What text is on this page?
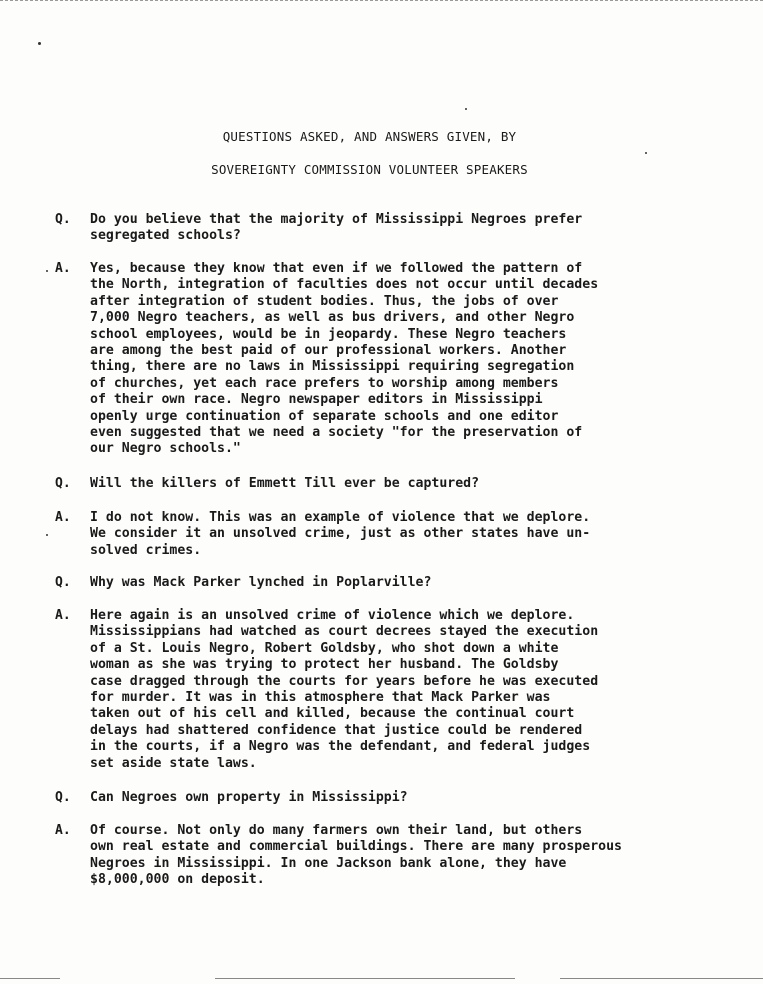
QUESTIONS ASKED, AND ANSWERS GIVEN, BY
SOVEREIGNTY COMMISSION VOLUNTEER SPEAKERS
Q. Do you believe that the majority of Mississippi Negroes prefer
segregated schools?
A. Yes, because they know that even if we followed the pattern of
the North, integration of faculties does not occur until decades
after integration of student bodies. Thus, the jobs of over
7,000 Negro teachers, as well as bus drivers, and other Negro
school employees, would be in jeopardy. These Negro teachers
are among the best paid of our professional workers. Another
thing, there are no laws in Mississippi requiring segregation
of churches, yet each race prefers to worship among members
of their own race. Negro newspaper editors in Mississippi
openly urge continuation of separate schools and one editor
even suggested that we need a society "for the preservation of
our Negro schools."
Q. Will the killers of Emmett Till ever be captured?
A. I do not know. This was an example of violence that we deplore.
We consider it an unsolved crime, just as other states have un-
solved crimes.
Q. Why was Mack Parker lynched in Poplarville?
A. Here again is an unsolved crime of violence which we deplore.
Mississippians had watched as court decrees stayed the execution
of a St. Louis Negro, Robert Goldsby, who shot down a white
woman as she was trying to protect her husband. The Goldsby
case dragged through the courts for years before he was executed
for murder. It was in this atmosphere that Mack Parker was
taken out of his cell and killed, because the continual court
delays had shattered confidence that justice could be rendered
in the courts, if a Negro was the defendant, and federal judges
set aside state laws.
Q. Can Negroes own property in Mississippi?
A. Of course. Not only do many farmers own their land, but others
own real estate and commercial buildings. There are many prosperous
Negroes in Mississippi. In one Jackson bank alone, they have
$8,000,000 on deposit.
